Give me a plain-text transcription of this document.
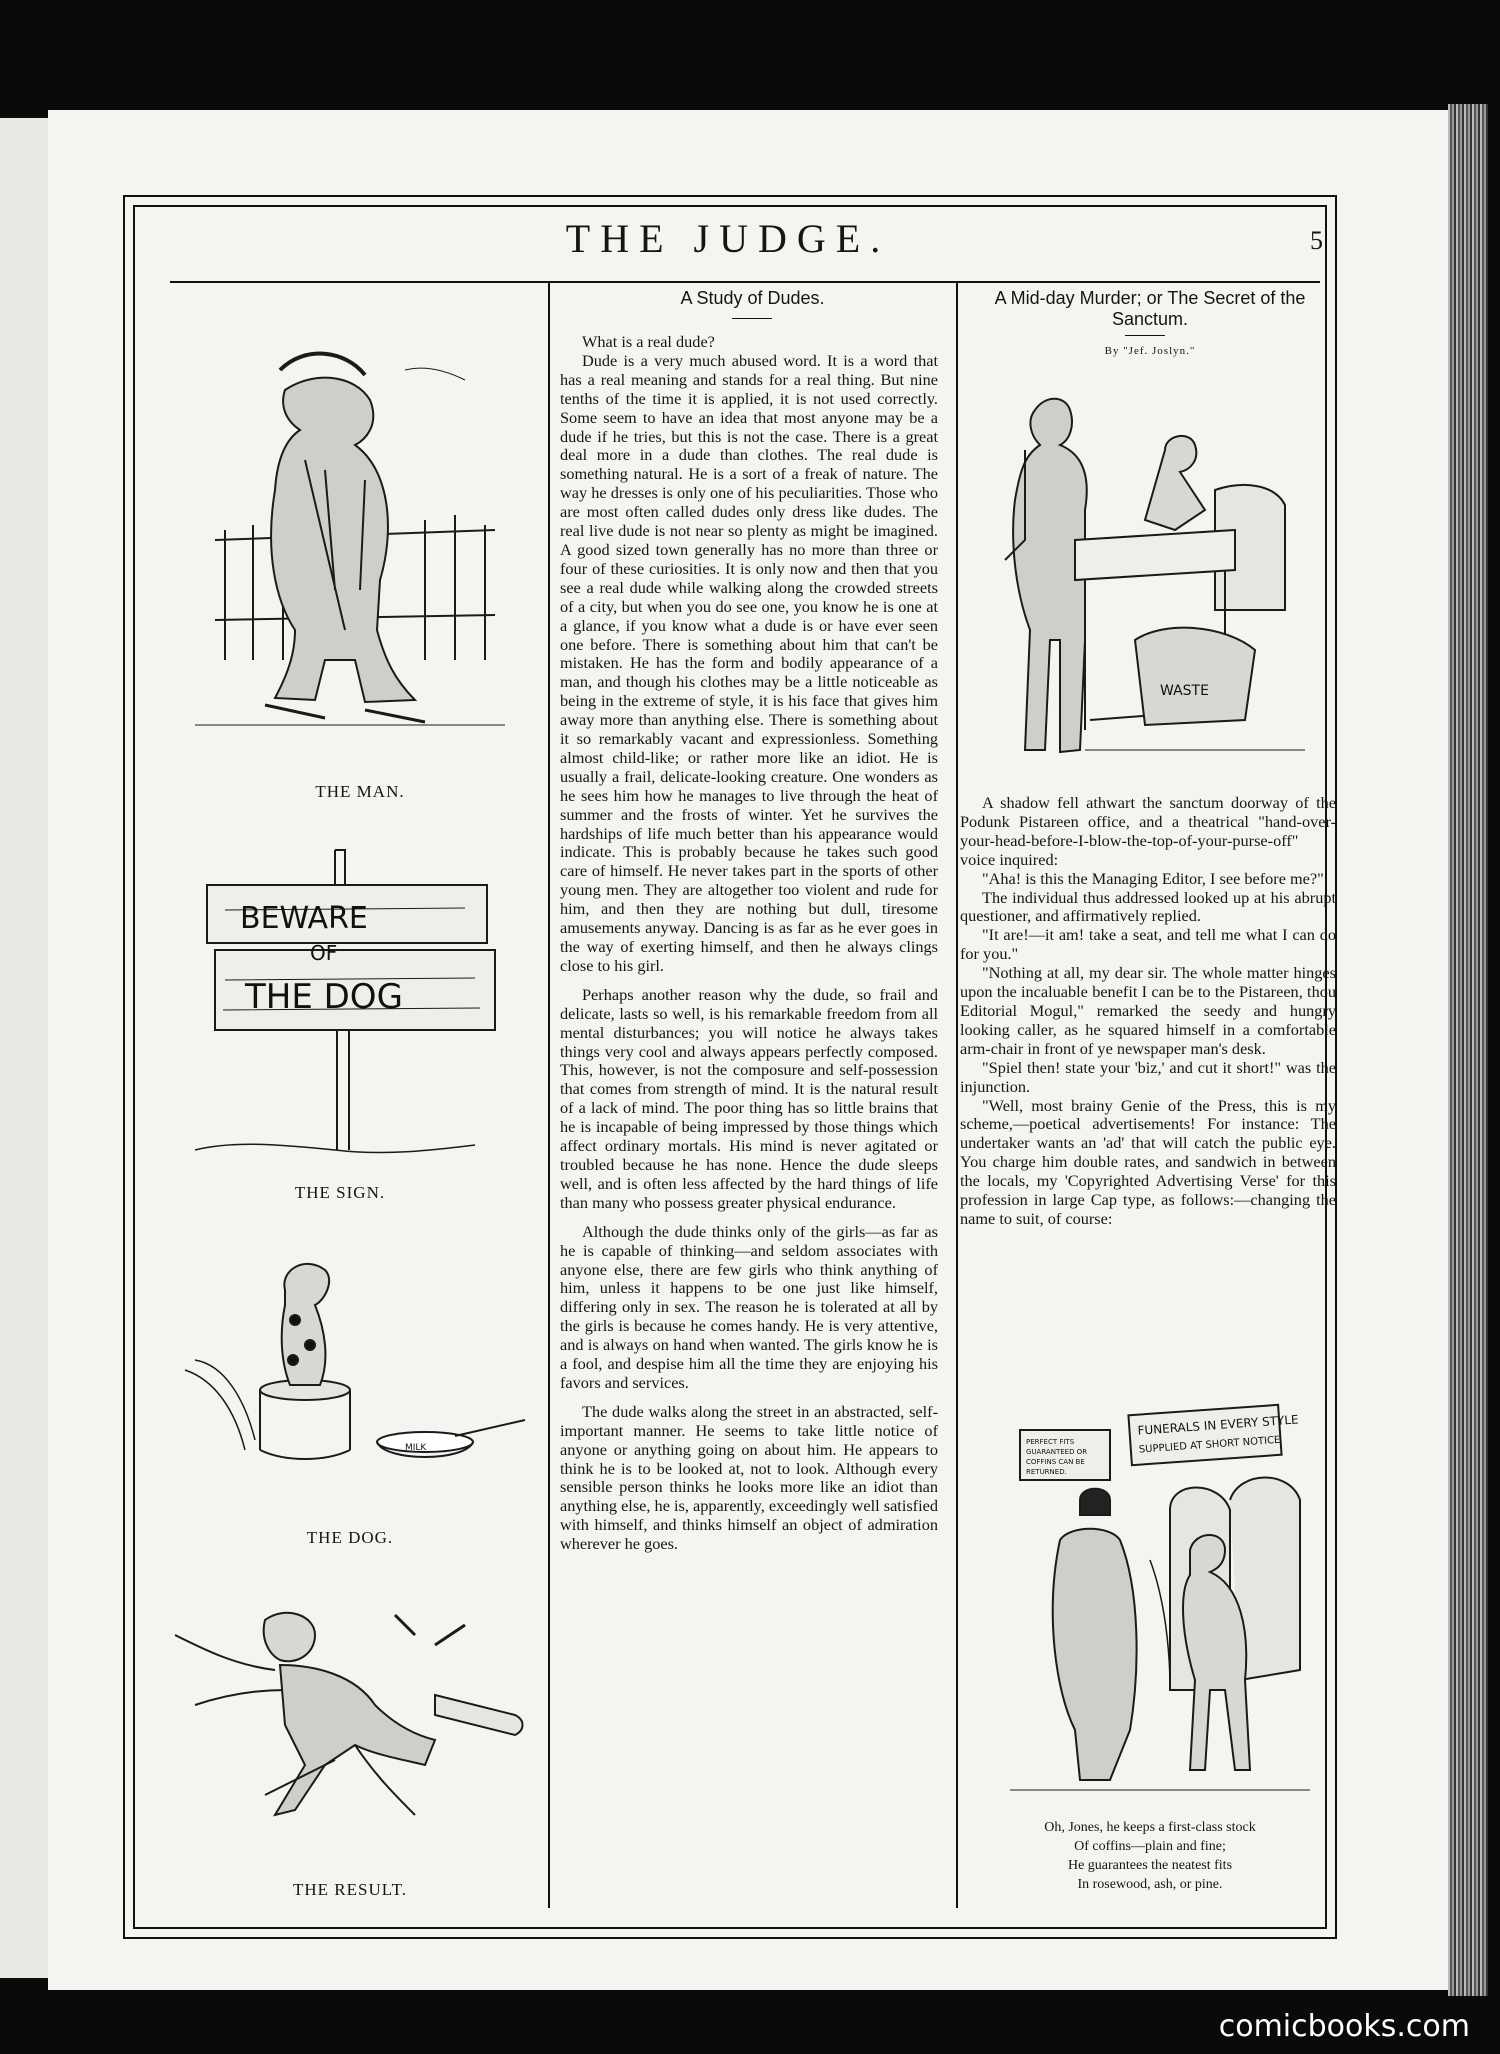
THE JUDGE.	5
THE MAN.
BEWARE
OF
THE DOG
THE SIGN.
MILK
THE DOG.
THE RESULT.
A Study of Dudes.

What is a real dude?

Dude is a very much abused word. It is a word that has a real meaning and stands for a real thing. But nine tenths of the time it is applied, it is not used correctly. Some seem to have an idea that most anyone may be a dude if he tries, but this is not the case. There is a great deal more in a dude than clothes. The real dude is something natural. He is a sort of a freak of nature. The way he dresses is only one of his peculiarities. Those who are most often called dudes only dress like dudes. The real live dude is not near so plenty as might be imagined. A good sized town generally has no more than three or four of these curiosities. It is only now and then that you see a real dude while walking along the crowded streets of a city, but when you do see one, you know he is one at a glance, if you know what a dude is or have ever seen one before. There is something about him that can't be mistaken. He has the form and bodily appearance of a man, and though his clothes may be a little noticeable as being in the extreme of style, it is his face that gives him away more than anything else. There is something about it so remarkably vacant and expressionless. Something almost child-like; or rather more like an idiot. He is usually a frail, delicate-looking creature. One wonders as he sees him how he manages to live through the heat of summer and the frosts of winter. Yet he survives the hardships of life much better than his appearance would indicate. This is probably because he takes such good care of himself. He never takes part in the sports of other young men. They are altogether too violent and rude for him, and then they are nothing but dull, tiresome amusements anyway. Dancing is as far as he ever goes in the way of exerting himself, and then he always clings close to his girl.

Perhaps another reason why the dude, so frail and delicate, lasts so well, is his remarkable freedom from all mental disturbances; you will notice he always takes things very cool and always appears perfectly composed. This, however, is not the composure and self-possession that comes from strength of mind. It is the natural result of a lack of mind. The poor thing has so little brains that he is incapable of being impressed by those things which affect ordinary mortals. His mind is never agitated or troubled because he has none. Hence the dude sleeps well, and is often less affected by the hard things of life than many who possess greater physical endurance.

Although the dude thinks only of the girls—as far as he is capable of thinking—and seldom associates with anyone else, there are few girls who think anything of him, unless it happens to be one just like himself, differing only in sex. The reason he is tolerated at all by the girls is because he comes handy. He is very attentive, and is always on hand when wanted. The girls know he is a fool, and despise him all the time they are enjoying his favors and services.

The dude walks along the street in an abstracted, self-important manner. He seems to take little notice of anyone or anything going on about him. He appears to think he is to be looked at, not to look. Although every sensible person thinks he looks more like an idiot than anything else, he is, apparently, exceedingly well satisfied with himself, and thinks himself an object of admiration wherever he goes.

A Mid-day Murder; or The Secret of the Sanctum.
By "Jef. Joslyn."
WASTE

A shadow fell athwart the sanctum doorway of the Podunk Pistareen office, and a theatrical "hand-over-your-head-before-I-blow-the-top-of-your-purse-off" voice inquired:

"Aha! is this the Managing Editor, I see before me?"

The individual thus addressed looked up at his abrupt questioner, and affirmatively replied.

"It are!—it am! take a seat, and tell me what I can do for you."

"Nothing at all, my dear sir. The whole matter hinges upon the incaluable benefit I can be to the Pistareen, thou Editorial Mogul," remarked the seedy and hungry looking caller, as he squared himself in a comfortable arm-chair in front of ye newspaper man's desk.

"Spiel then! state your 'biz,' and cut it short!" was the injunction.

"Well, most brainy Genie of the Press, this is my scheme,—poetical advertisements! For instance: The undertaker wants an 'ad' that will catch the public eye. You charge him double rates, and sandwich in between the locals, my 'Copyrighted Advertising Verse' for this profession in large Cap type, as follows:—changing the name to suit, of course:

FUNERALS IN EVERY STYLE
SUPPLIED AT SHORT NOTICE
PERFECT FITS
GUARANTEED OR
COFFINS CAN BE
RETURNED.
Oh, Jones, he keeps a first-class stock
Of coffins—plain and fine;
He guarantees the neatest fits
In rosewood, ash, or pine.
comicbooks.com
